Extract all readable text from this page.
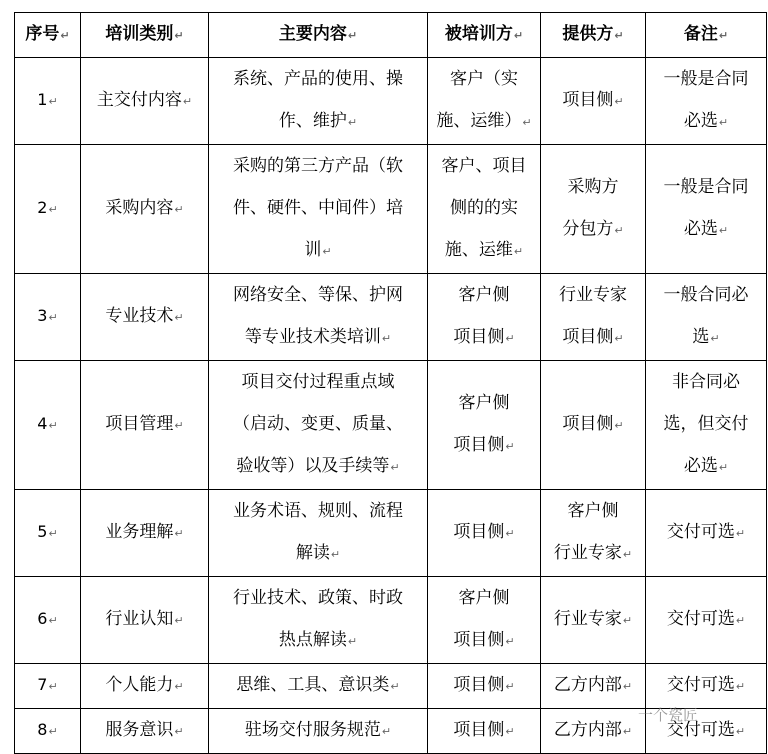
序号↵	培训类别↵	主要内容↵	被培训方↵	提供方↵	备注↵
1↵	主交付内容↵	系统、产品的使用、操
作、维护↵	客户（实
施、运维）↵	项目侧↵	一般是合同
必选↵

2↵	采购内容↵	采购的第三方产品（软
件、硬件、中间件）培
训↵	客户、项目
侧的的实
施、运维↵	采购方
分包方↵	一般是合同
必选↵

3↵	专业技术↵	网络安全、等保、护网
等专业技术类培训↵	客户侧
项目侧↵	行业专家
项目侧↵	一般合同必
选↵

4↵	项目管理↵	项目交付过程重点域
（启动、变更、质量、
验收等）以及手续等↵	客户侧
项目侧↵	项目侧↵	非合同必
选，但交付
必选↵

5↵	业务理解↵	业务术语、规则、流程
解读↵	项目侧↵	客户侧
行业专家↵	交付可选↵

6↵	行业认知↵	行业技术、政策、时政
热点解读↵	客户侧
项目侧↵	行业专家↵	交付可选↵

7↵	个人能力↵	思维、工具、意识类↵	项目侧↵	乙方内部↵	交付可选↵

8↵	服务意识↵	驻场交付服务规范↵	项目侧↵	乙方内部↵	交付可选↵
一个瓷匠
